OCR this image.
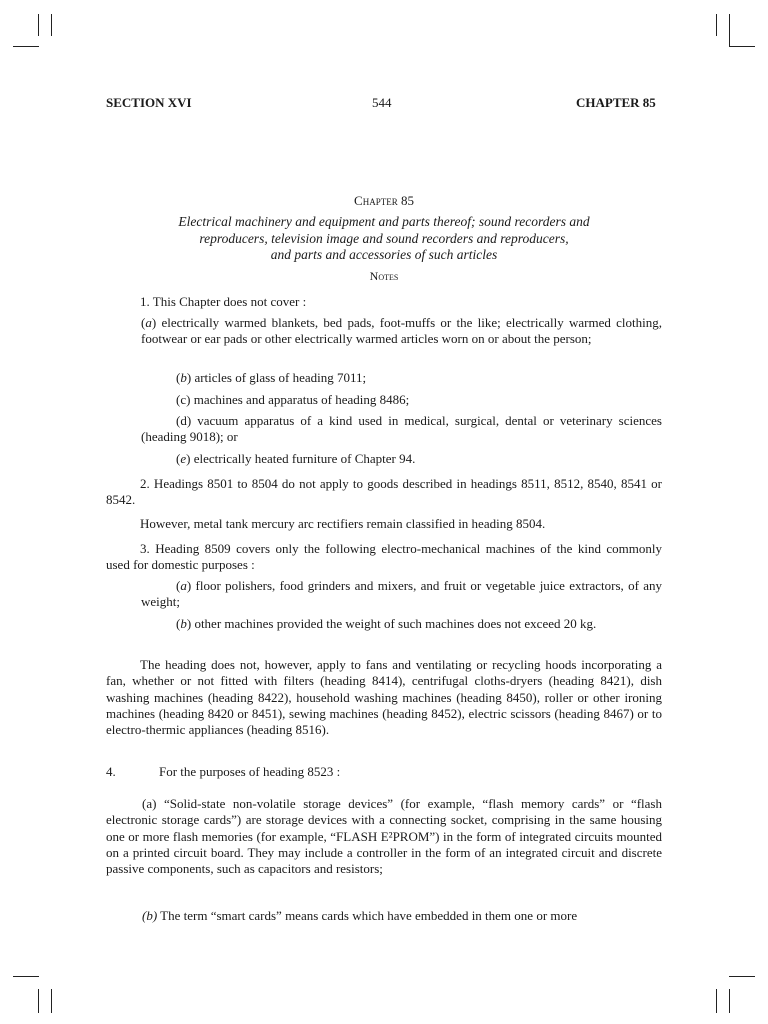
SECTION XVI	544	CHAPTER 85
Chapter 85
Electrical machinery and equipment and parts thereof; sound recorders and
reproducers, television image and sound recorders and reproducers,
and parts and accessories of such articles
Notes
1. This Chapter does not cover :
(a) electrically warmed blankets, bed pads, foot-muffs or the like; electrically warmed clothing, footwear or ear pads or other electrically warmed articles worn on or about the person;
(b) articles of glass of heading 7011;
(c) machines and apparatus of heading 8486;
(d) vacuum apparatus of a kind used in medical, surgical, dental or veterinary sciences (heading 9018); or
(e) electrically heated furniture of Chapter 94.
2. Headings 8501 to 8504 do not apply to goods described in headings 8511, 8512, 8540, 8541 or 8542.
However, metal tank mercury arc rectifiers remain classified in heading 8504.
3. Heading 8509 covers only the following electro-mechanical machines of the kind commonly used for domestic purposes :
(a) floor polishers, food grinders and mixers, and fruit or vegetable juice extractors, of any weight;
(b) other machines provided the weight of such machines does not exceed 20 kg.
The heading does not, however, apply to fans and ventilating or recycling hoods incorporating a fan, whether or not fitted with filters (heading 8414), centrifugal cloths-dryers (heading 8421), dish washing machines (heading 8422), household washing machines (heading 8450), roller or other ironing machines (heading 8420 or 8451), sewing machines (heading 8452), electric scissors (heading 8467) or to electro-thermic appliances (heading 8516).
4.	For the purposes of heading 8523 :
(a) “Solid-state non-volatile storage devices” (for example, “flash memory cards” or “flash electronic storage cards”) are storage devices with a connecting socket, comprising in the same housing one or more flash memories (for example, “FLASH E²PROM”) in the form of integrated circuits mounted on a printed circuit board. They may include a controller in the form of an integrated circuit and discrete passive components, such as capacitors and resistors;
(b) The term “smart cards” means cards which have embedded in them one or more
